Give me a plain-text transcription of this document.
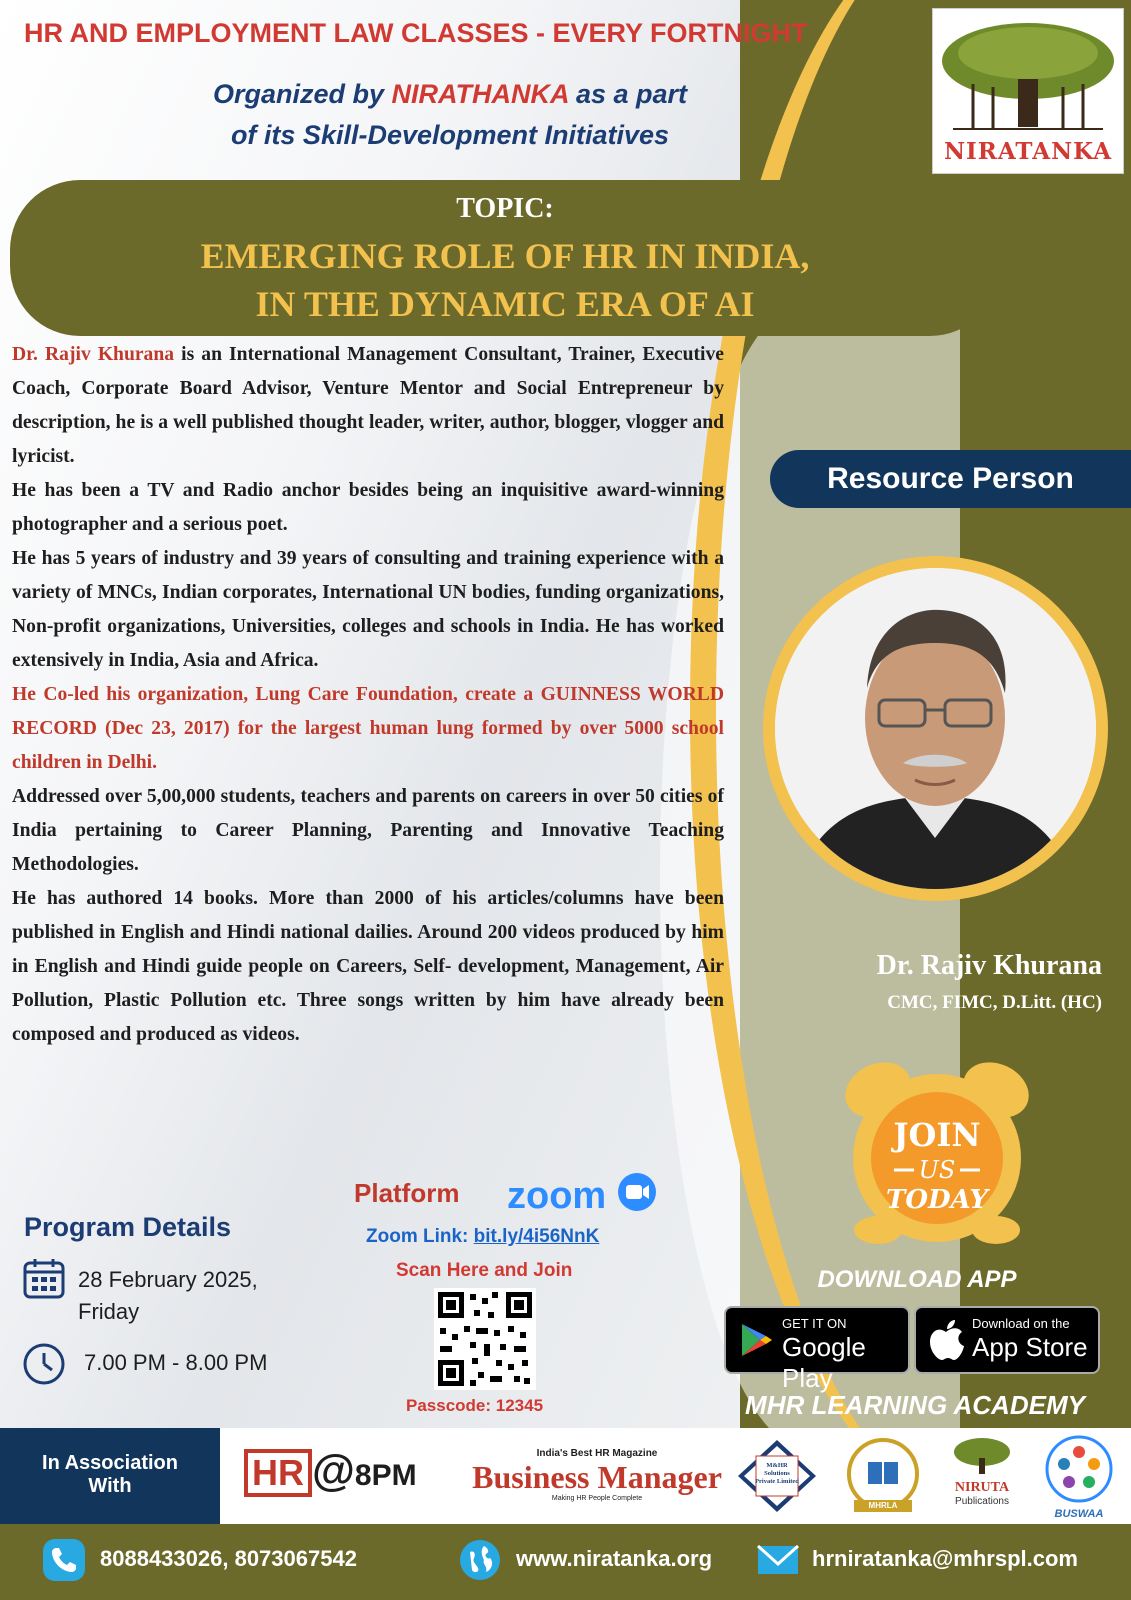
HR AND EMPLOYMENT LAW CLASSES - EVERY FORTNIGHT
Organized by NIRATHANKA as a part
of its Skill-Development Initiatives
NIRATANKA
TOPIC:
EMERGING ROLE OF HR IN INDIA,
IN THE DYNAMIC ERA OF AI

Dr. Rajiv Khurana is an International Management Consultant, Trainer, Executive Coach, Corporate Board Advisor, Venture Mentor and Social Entrepreneur by description, he is a well published thought leader, writer, author, blogger, vlogger and lyricist.

He has been a TV and Radio anchor besides being an inquisitive award-winning photographer and a serious poet.

He has 5 years of industry and 39 years of consulting and training experience with a variety of MNCs, Indian corporates, International UN bodies, funding organizations, Non-profit organizations, Universities, colleges and schools in India. He has worked extensively in India, Asia and Africa.

He Co-led his organization, Lung Care Foundation, create a GUINNESS WORLD RECORD (Dec 23, 2017) for the largest human lung formed by over 5000 school children in Delhi.

Addressed over 5,00,000 students, teachers and parents on careers in over 50 cities of India pertaining to Career Planning, Parenting and Innovative Teaching Methodologies.

He has authored 14 books. More than 2000 of his articles/columns have been published in English and Hindi national dailies. Around 200 videos produced by him in English and Hindi guide people on Careers, Self- development, Management, Air Pollution, Plastic Pollution etc. Three songs written by him have already been composed and produced as videos.

Resource Person
Dr. Rajiv Khurana
CMC, FIMC, D.Litt. (HC)
JOIN
US
TODAY
DOWNLOAD APP
GET IT ON
Google Play
Download on the
App Store
MHR LEARNING ACADEMY
Platform zoom
Zoom Link: bit.ly/4i56NnK
Scan Here and Join
Passcode: 12345
Program Details
28 February 2025,
Friday
7.00 PM - 8.00 PM
In Association
With	HR @8PM
India's Best HR Magazine
Business Manager
Making HR People Complete
M&HR Solutions Private Limited
MHRLA
NIRUTA
Publications
BUSWAA
8088433026, 8073067542	www.niratanka.org	hrniratanka@mhrspl.com
